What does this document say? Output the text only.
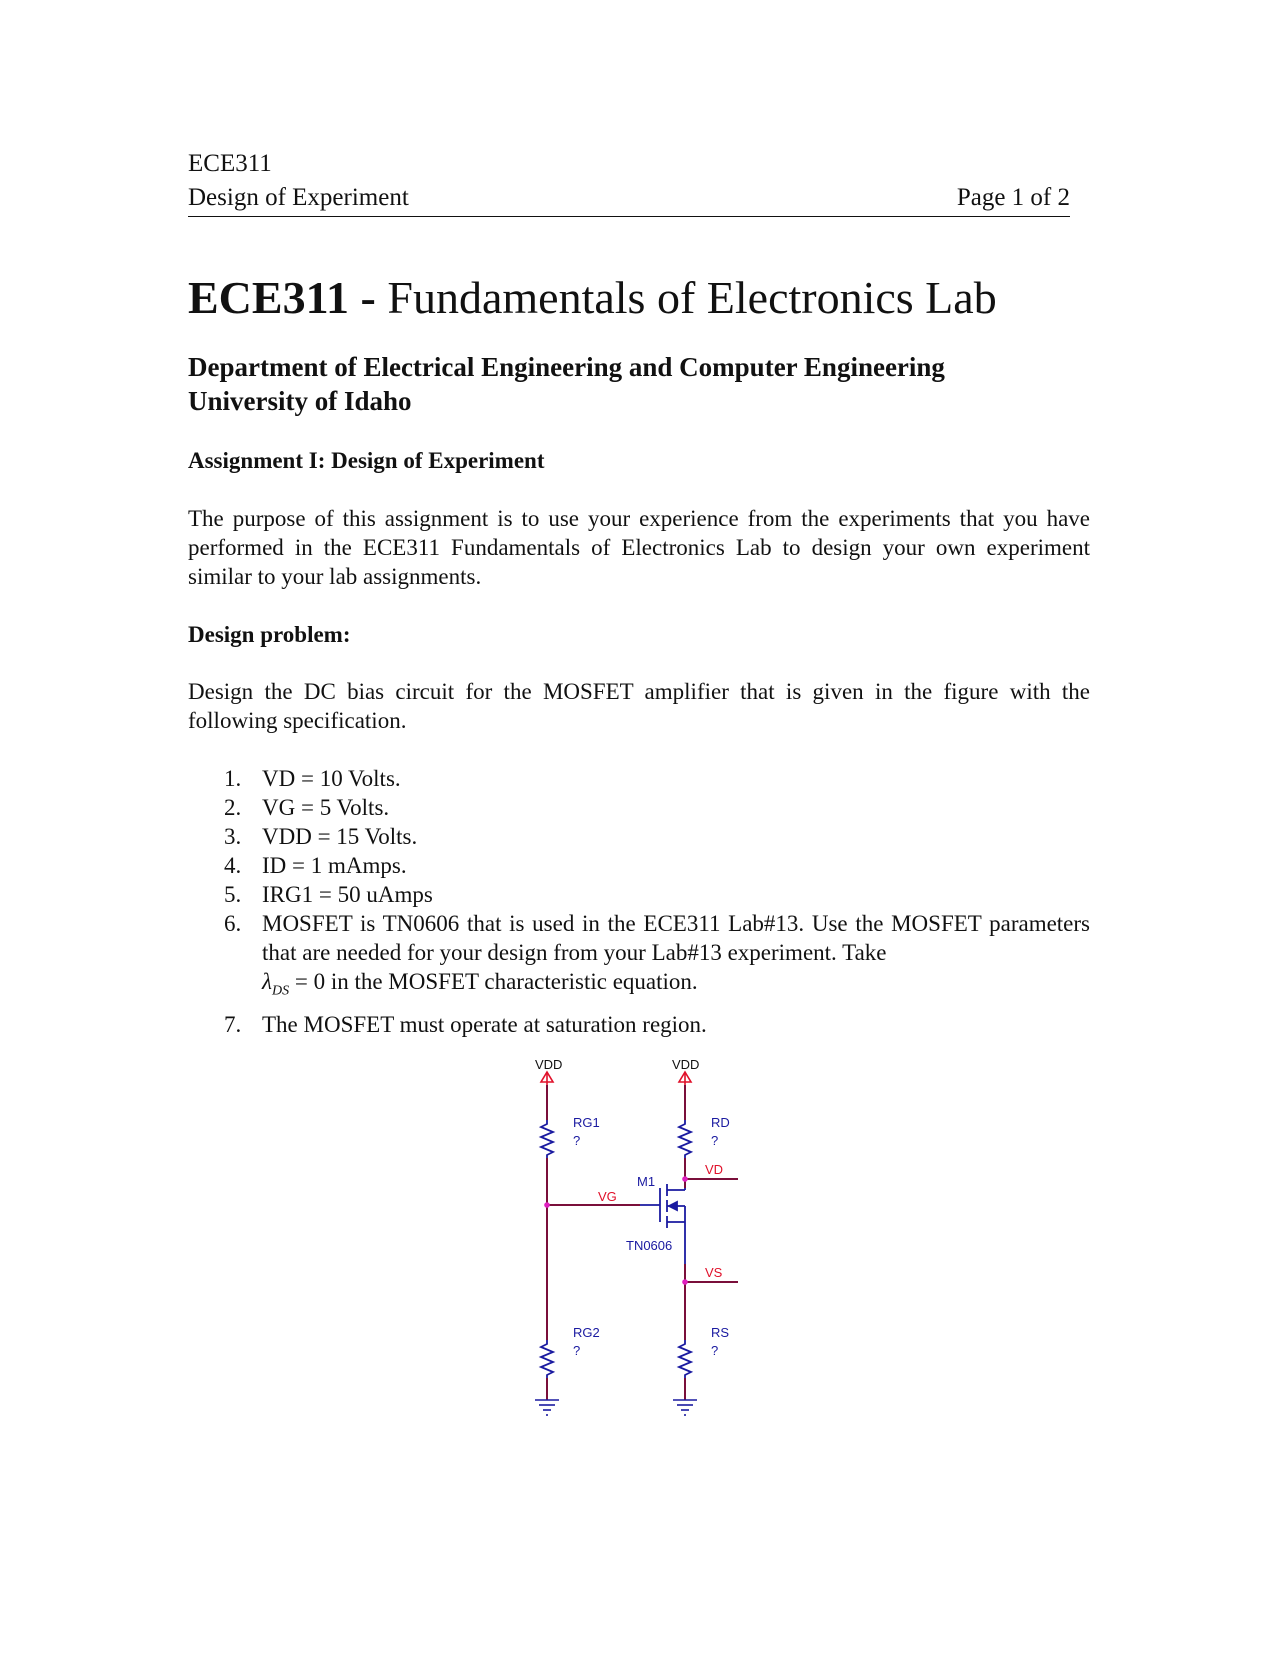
ECE311
Design of Experiment	Page 1 of 2
ECE311 - Fundamentals of Electronics Lab
Department of Electrical Engineering and Computer Engineering
University of Idaho
Assignment I: Design of Experiment
The purpose of this assignment is to use your experience from the experiments that you have performed in the ECE311 Fundamentals of Electronics Lab to design your own experiment similar to your lab assignments.
Design problem:
Design the DC bias circuit for the MOSFET amplifier that is given in the figure with the following specification.
1. VD = 10 Volts.
2. VG = 5 Volts.
3. VDD = 15 Volts.
4. ID = 1 mAmps.
5. IRG1 = 50 uAmps
6. MOSFET is TN0606 that is used in the ECE311 Lab#13. Use the MOSFET parameters that are needed for your design from your Lab#13 experiment. Take
$\lambda_{DS} = 0$ in the MOSFET characteristic equation.
7. The MOSFET must operate at saturation region.
VDD	VDD
RG1
?
RD
?
VD
M1
VG
TN0606
VS
RG2
?
RS
?
